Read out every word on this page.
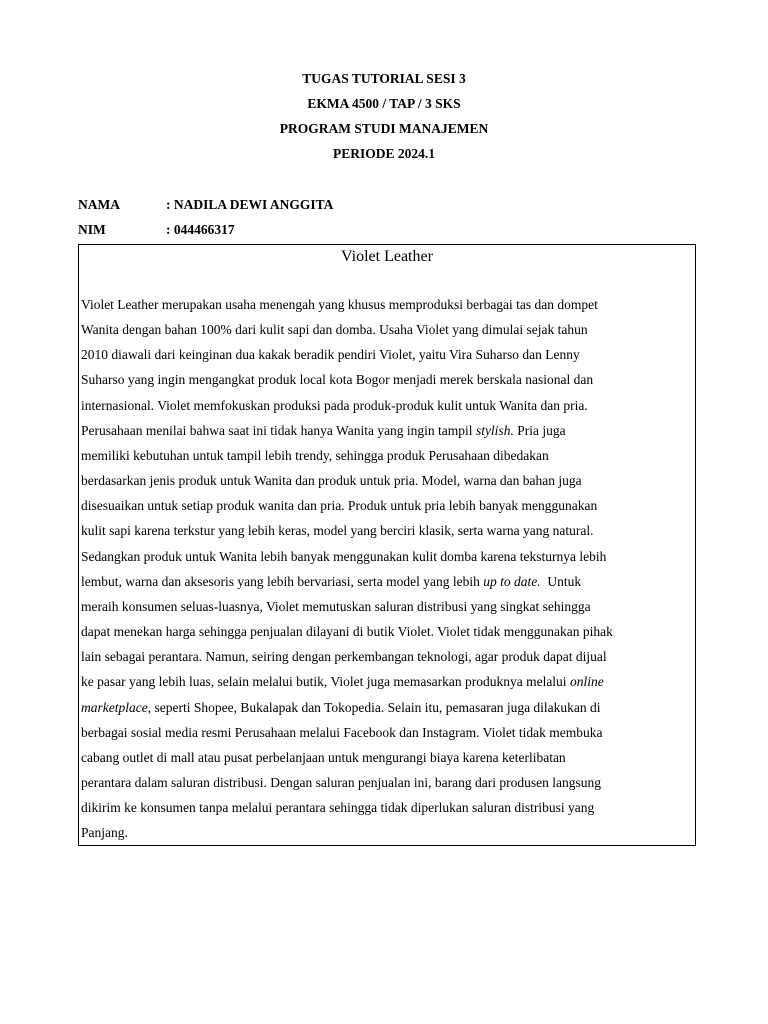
TUGAS TUTORIAL SESI 3
EKMA 4500 / TAP / 3 SKS
PROGRAM STUDI MANAJEMEN
PERIODE 2024.1
NAMA	: NADILA DEWI ANGGITA
NIM	: 044466317
Violet Leather
Violet Leather merupakan usaha menengah yang khusus memproduksi berbagai tas dan dompet
Wanita dengan bahan 100% dari kulit sapi dan domba. Usaha Violet yang dimulai sejak tahun
2010 diawali dari keinginan dua kakak beradik pendiri Violet, yaitu Vira Suharso dan Lenny
Suharso yang ingin mengangkat produk local kota Bogor menjadi merek berskala nasional dan
internasional. Violet memfokuskan produksi pada produk-produk kulit untuk Wanita dan pria.
Perusahaan menilai bahwa saat ini tidak hanya Wanita yang ingin tampil stylish. Pria juga
memiliki kebutuhan untuk tampil lebih trendy, sehingga produk Perusahaan dibedakan
berdasarkan jenis produk untuk Wanita dan produk untuk pria. Model, warna dan bahan juga
disesuaikan untuk setiap produk wanita dan pria. Produk untuk pria lebih banyak menggunakan
kulit sapi karena terkstur yang lebih keras, model yang berciri klasik, serta warna yang natural.
Sedangkan produk untuk Wanita lebih banyak menggunakan kulit domba karena teksturnya lebih
lembut, warna dan aksesoris yang lebih bervariasi, serta model yang lebih up to date.  Untuk
meraih konsumen seluas-luasnya, Violet memutuskan saluran distribusi yang singkat sehingga
dapat menekan harga sehingga penjualan dilayani di butik Violet. Violet tidak menggunakan pihak
lain sebagai perantara. Namun, seiring dengan perkembangan teknologi, agar produk dapat dijual
ke pasar yang lebih luas, selain melalui butik, Violet juga memasarkan produknya melalui online
marketplace, seperti Shopee, Bukalapak dan Tokopedia. Selain itu, pemasaran juga dilakukan di
berbagai sosial media resmi Perusahaan melalui Facebook dan Instagram. Violet tidak membuka
cabang outlet di mall atau pusat perbelanjaan untuk mengurangi biaya karena keterlibatan
perantara dalam saluran distribusi. Dengan saluran penjualan ini, barang dari produsen langsung
dikirim ke konsumen tanpa melalui perantara sehingga tidak diperlukan saluran distribusi yang
Panjang.
